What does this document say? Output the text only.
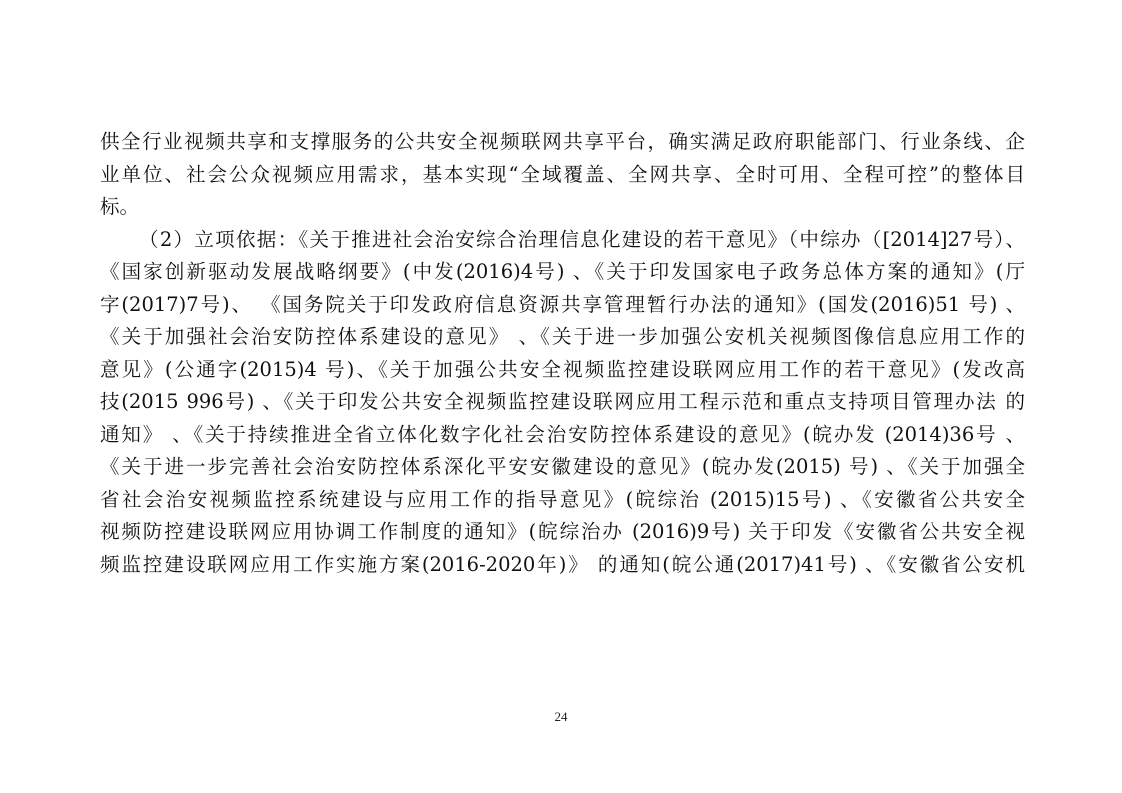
供全行业视频共享和支撑服务的公共安全视频联网共享平台，确实满足政府职能部门、行业条线、企
业单位、社会公众视频应用需求，基本实现“全域覆盖、全网共享、全时可用、全程可控”的整体目
标。
（2）立项依据：《关于推进社会治安综合治理信息化建设的若干意见》（中综办（[2014]27号）、
《国家创新驱动发展战略纲要》(中发(2016)4号) 、《关于印发国家电子政务总体方案的通知》(厅
字(2017)7号)、 《国务院关于印发政府信息资源共享管理暂行办法的通知》(国发(2016)51 号) 、
《关于加强社会治安防控体系建设的意见》 、《关于进一步加强公安机关视频图像信息应用工作的
意见》(公通字(2015)4 号)、《关于加强公共安全视频监控建设联网应用工作的若干意见》(发改高
技(2015 996号) 、《关于印发公共安全视频监控建设联网应用工程示范和重点支持项目管理办法 的
通知》 、《关于持续推进全省立体化数字化社会治安防控体系建设的意见》(皖办发 (2014)36号 、
《关于进一步完善社会治安防控体系深化平安安徽建设的意见》(皖办发(2015) 号) 、《关于加强全
省社会治安视频监控系统建设与应用工作的指导意见》(皖综治 (2015)15号) 、《安徽省公共安全
视频防控建设联网应用协调工作制度的通知》(皖综治办 (2016)9号) 关于印发《安徽省公共安全视
频监控建设联网应用工作实施方案(2016-2020年)》 的通知(皖公通(2017)41号) 、《安徽省公安机
24
